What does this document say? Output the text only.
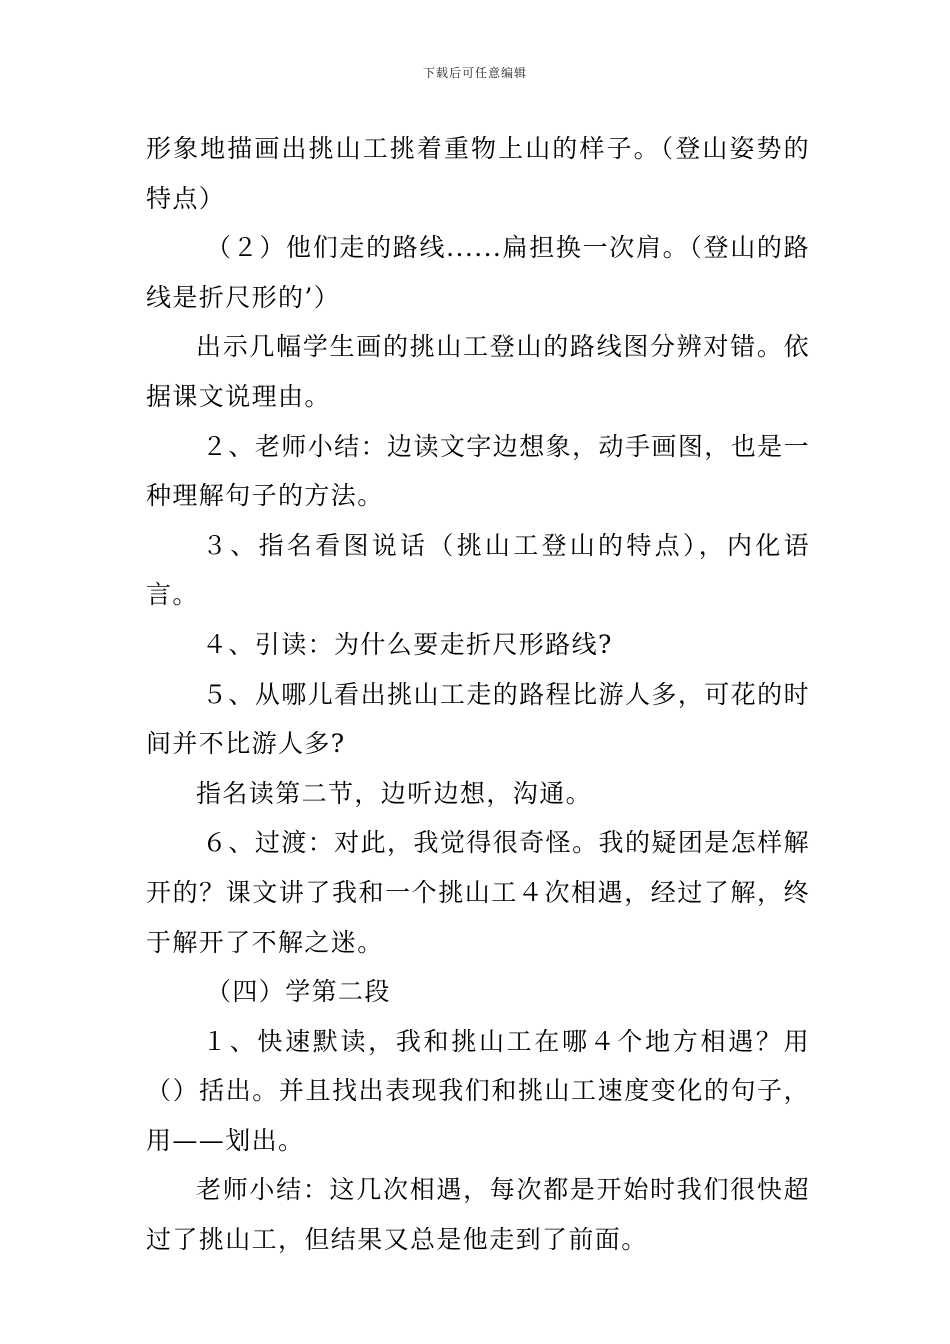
下载后可任意编辑

形象地描画出挑山工挑着重物上山的样子。（登山姿势的特点）

（２）他们走的路线......扁担换一次肩。（登山的路线是折尺形的’）

出示几幅学生画的挑山工登山的路线图分辨对错。依据课文说理由。

２、老师小结：边读文字边想象，动手画图，也是一种理解句子的方法。

３、指名看图说话（挑山工登山的特点），内化语言。

４、引读：为什么要走折尺形路线?

５、从哪儿看出挑山工走的路程比游人多，可花的时间并不比游人多?

指名读第二节，边听边想，沟通。

６、过渡：对此，我觉得很奇怪。我的疑团是怎样解开的？课文讲了我和一个挑山工４次相遇，经过了解，终于解开了不解之迷。

（四）学第二段

１、快速默读，我和挑山工在哪４个地方相遇？用（）括出。并且找出表现我们和挑山工速度变化的句子，用——划出。

老师小结：这几次相遇，每次都是开始时我们很快超过了挑山工，但结果又总是他走到了前面。
